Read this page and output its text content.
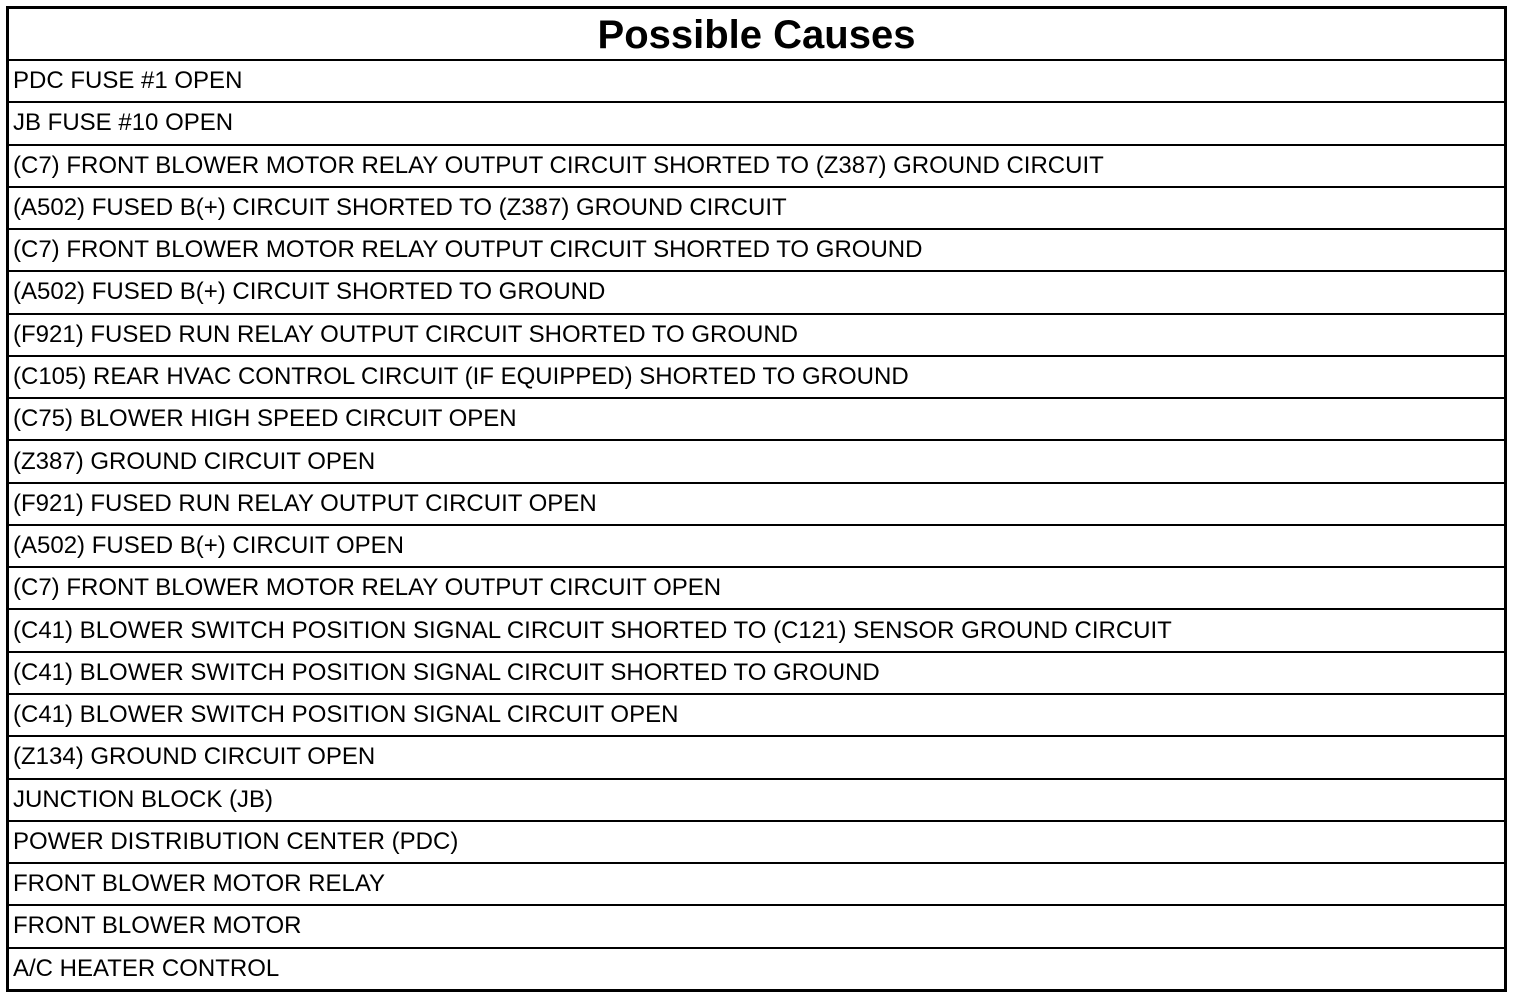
Possible Causes
PDC FUSE #1 OPEN
JB FUSE #10 OPEN
(C7) FRONT BLOWER MOTOR RELAY OUTPUT CIRCUIT SHORTED TO (Z387) GROUND CIRCUIT
(A502) FUSED B(+) CIRCUIT SHORTED TO (Z387) GROUND CIRCUIT
(C7) FRONT BLOWER MOTOR RELAY OUTPUT CIRCUIT SHORTED TO GROUND
(A502) FUSED B(+) CIRCUIT SHORTED TO GROUND
(F921) FUSED RUN RELAY OUTPUT CIRCUIT SHORTED TO GROUND
(C105) REAR HVAC CONTROL CIRCUIT (IF EQUIPPED) SHORTED TO GROUND
(C75) BLOWER HIGH SPEED CIRCUIT OPEN
(Z387) GROUND CIRCUIT OPEN
(F921) FUSED RUN RELAY OUTPUT CIRCUIT OPEN
(A502) FUSED B(+) CIRCUIT OPEN
(C7) FRONT BLOWER MOTOR RELAY OUTPUT CIRCUIT OPEN
(C41) BLOWER SWITCH POSITION SIGNAL CIRCUIT SHORTED TO (C121) SENSOR GROUND CIRCUIT
(C41) BLOWER SWITCH POSITION SIGNAL CIRCUIT SHORTED TO GROUND
(C41) BLOWER SWITCH POSITION SIGNAL CIRCUIT OPEN
(Z134) GROUND CIRCUIT OPEN
JUNCTION BLOCK (JB)
POWER DISTRIBUTION CENTER (PDC)
FRONT BLOWER MOTOR RELAY
FRONT BLOWER MOTOR
A/C HEATER CONTROL
